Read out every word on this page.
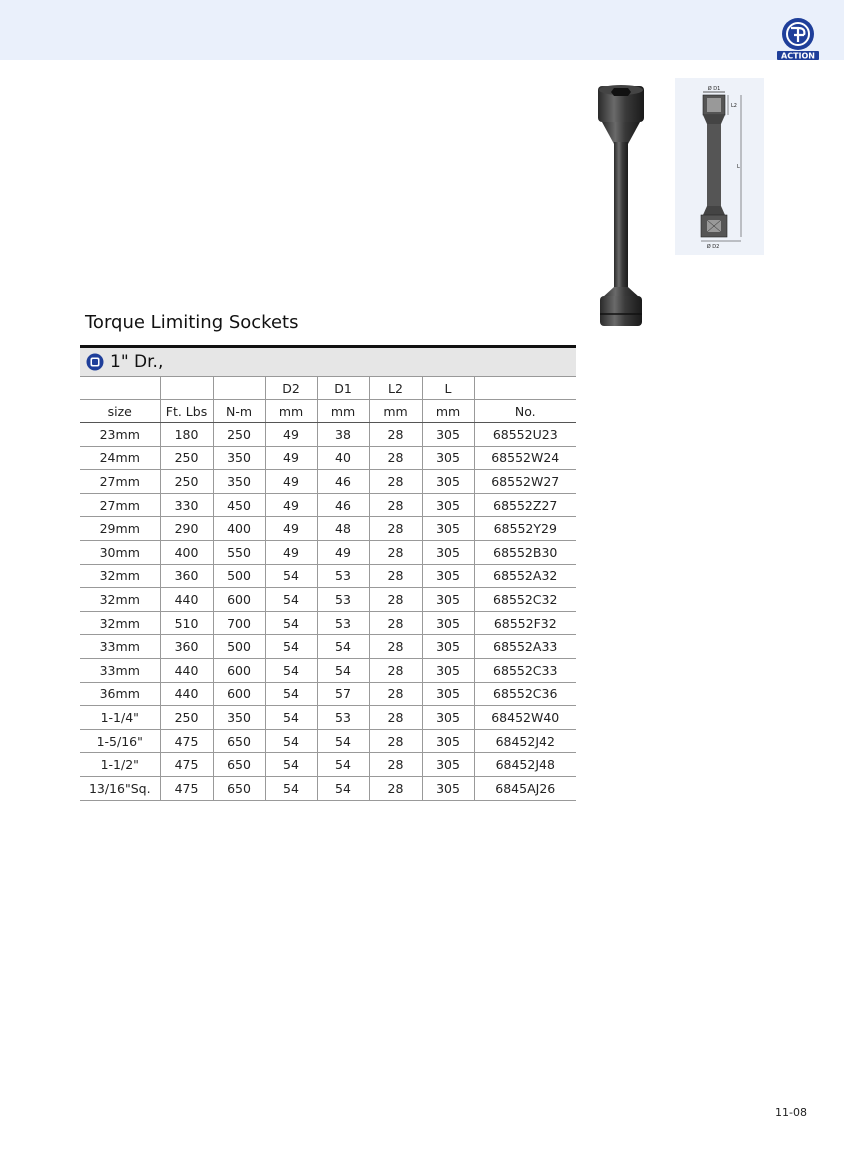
ACTION
Ø D1
L2
L
Ø D2
Torque Limiting Sockets
1" Dr.,
			D2	D1	L2	L	
size	Ft. Lbs	N-m	mm	mm	mm	mm	No.
23mm	180	250	49	38	28	305	68552U23
24mm	250	350	49	40	28	305	68552W24
27mm	250	350	49	46	28	305	68552W27
27mm	330	450	49	46	28	305	68552Z27
29mm	290	400	49	48	28	305	68552Y29
30mm	400	550	49	49	28	305	68552B30
32mm	360	500	54	53	28	305	68552A32
32mm	440	600	54	53	28	305	68552C32
32mm	510	700	54	53	28	305	68552F32
33mm	360	500	54	54	28	305	68552A33
33mm	440	600	54	54	28	305	68552C33
36mm	440	600	54	57	28	305	68552C36
1-1/4"	250	350	54	53	28	305	68452W40
1-5/16"	475	650	54	54	28	305	68452J42
1-1/2"	475	650	54	54	28	305	68452J48
13/16"Sq.	475	650	54	54	28	305	6845AJ26
11-08
